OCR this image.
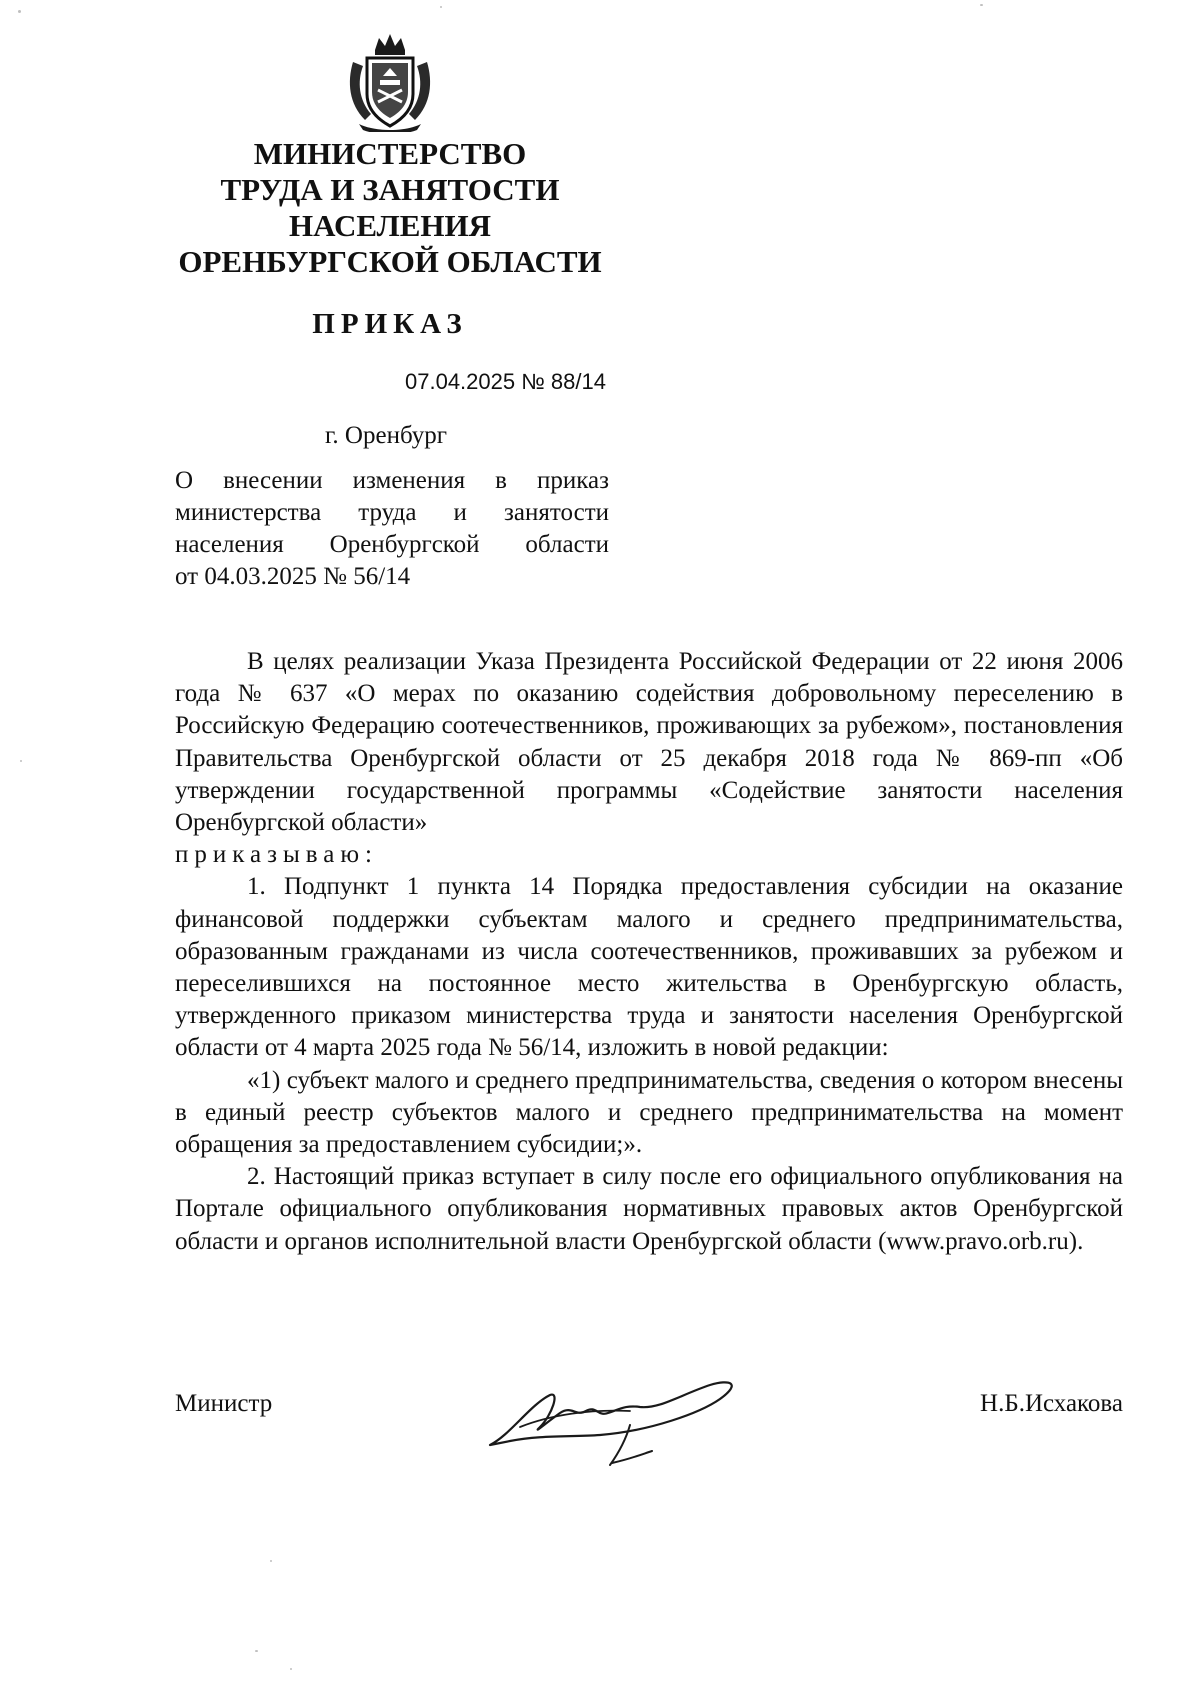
МИНИСТЕРСТВО
ТРУДА И ЗАНЯТОСТИ
НАСЕЛЕНИЯ
ОРЕНБУРГСКОЙ ОБЛАСТИ
ПРИКАЗ
07.04.2025 № 88/14
г. Оренбург
О внесении изменения в приказ
министерства труда и занятости
населения Оренбургской области
от 04.03.2025 № 56/14

В целях реализации Указа Президента Российской Федерации от 22 июня 2006 года № 637 «О мерах по оказанию содействия добровольному переселению в Российскую Федерацию соотечественников, проживающих за рубежом», постановления Правительства Оренбургской области от 25 декабря 2018 года № 869-пп «Об утверждении государственной программы «Содействие занятости населения Оренбургской области»
приказываю:

1. Подпункт 1 пункта 14 Порядка предоставления субсидии на оказание финансовой поддержки субъектам малого и среднего предпринимательства, образованным гражданами из числа соотечественников, проживавших за рубежом и переселившихся на постоянное место жительства в Оренбургскую область, утвержденного приказом министерства труда и занятости населения Оренбургской области от 4 марта 2025 года № 56/14, изложить в новой редакции:

«1) субъект малого и среднего предпринимательства, сведения о котором внесены в единый реестр субъектов малого и среднего предпринимательства на момент обращения за предоставлением субсидии;».

2. Настоящий приказ вступает в силу после его официального опубликования на Портале официального опубликования нормативных правовых актов Оренбургской области и органов исполнительной власти Оренбургской области (www.pravo.orb.ru).

Министр	Н.Б.Исхакова
